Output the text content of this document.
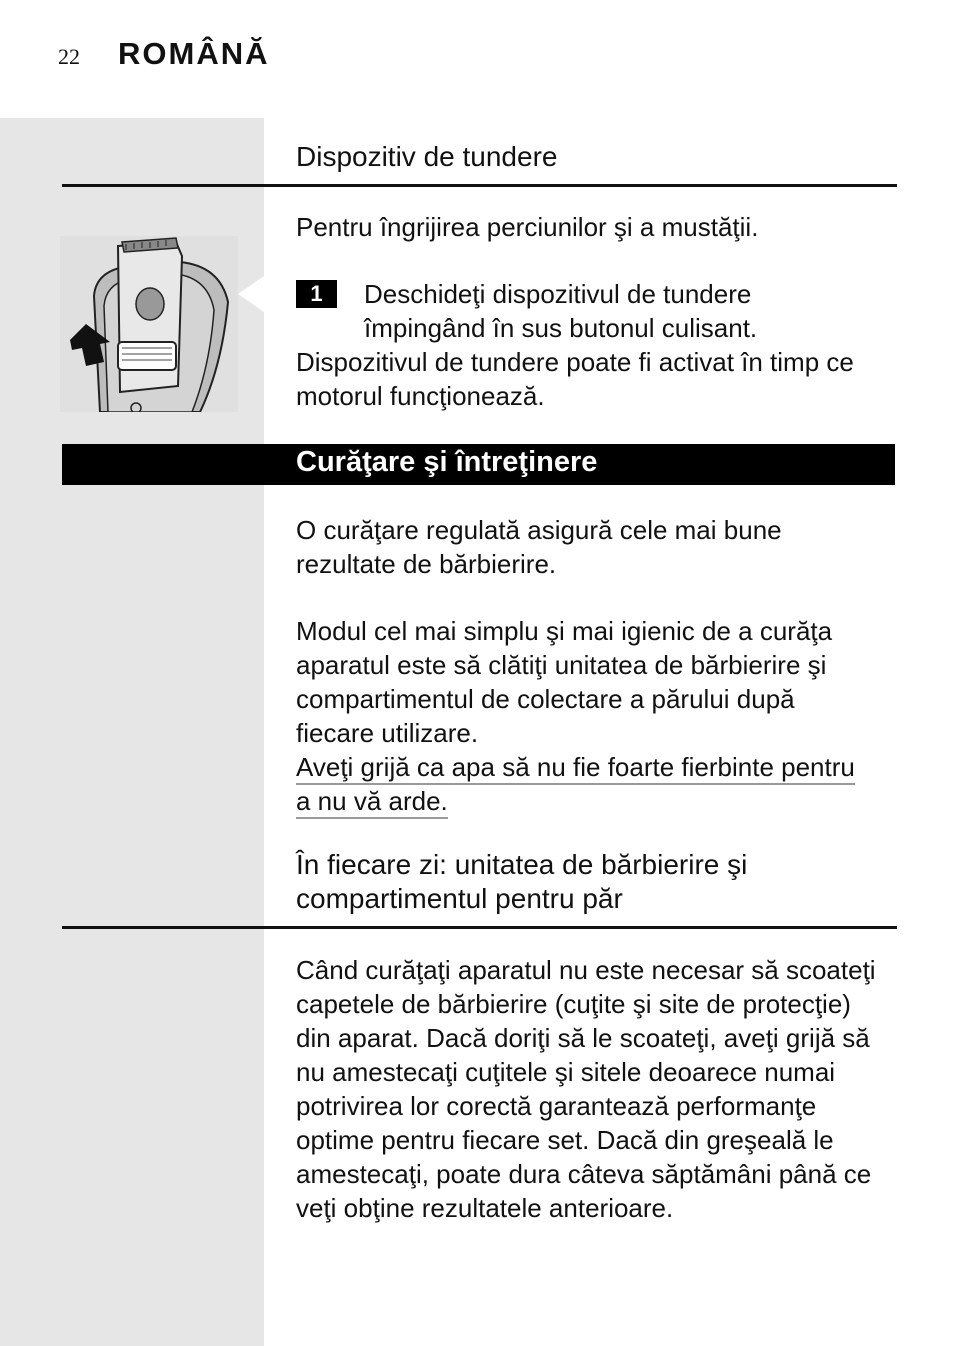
22 ROMÂNĂ
Dispozitiv de tundere
Pentru îngrijirea perciunilor şi a mustăţii.
1	Deschideţi dispozitivul de tundere
împingând în sus butonul culisant.
Dispozitivul de tundere poate fi activat în timp ce
motorul funcţionează.
Curăţare şi întreţinere
O curăţare regulată asigură cele mai bune
rezultate de bărbierire.
Modul cel mai simplu şi mai igienic de a curăţa
aparatul este să clătiţi unitatea de bărbierire şi
compartimentul de colectare a părului după
fiecare utilizare.
Aveţi grijă ca apa să nu fie foarte fierbinte pentru
a nu vă arde.
În fiecare zi: unitatea de bărbierire şi
compartimentul pentru păr
Când curăţaţi aparatul nu este necesar să scoateţi
capetele de bărbierire (cuţite şi site de protecţie)
din aparat. Dacă doriţi să le scoateţi, aveţi grijă să
nu amestecaţi cuţitele şi sitele deoarece numai
potrivirea lor corectă garantează performanţe
optime pentru fiecare set. Dacă din greşeală le
amestecaţi, poate dura câteva săptămâni până ce
veţi obţine rezultatele anterioare.
